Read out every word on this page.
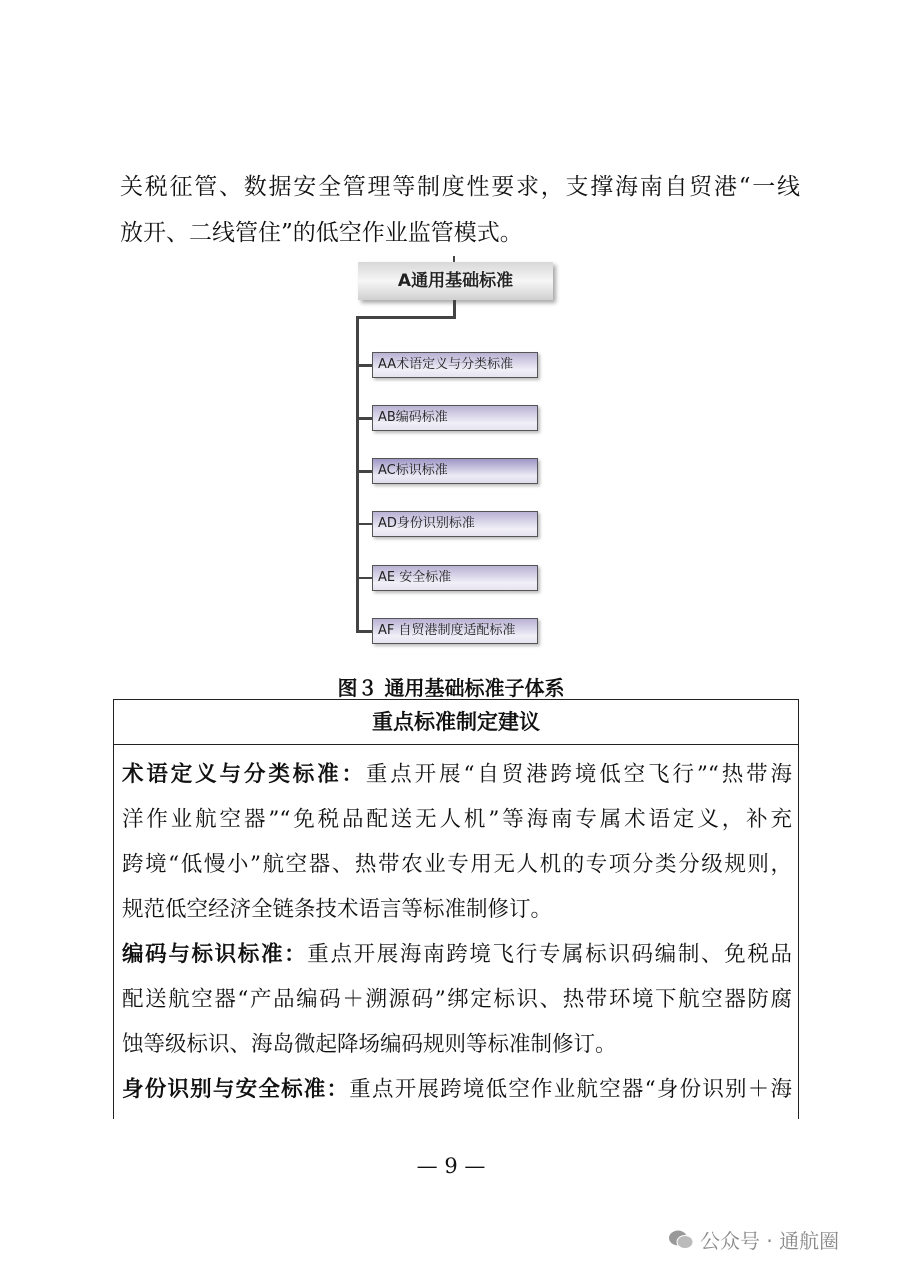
关税征管、数据安全管理等制度性要求，支撑海南自贸港“一线
放开、二线管住”的低空作业监管模式。
A通用基础标准
AA术语定义与分类标准
AB编码标准
AC标识标准
AD身份识别标准
AE 安全标准
AF 自贸港制度适配标准
图３ 通用基础标准子体系
重点标准制定建议
术语定义与分类标准：重点开展“自贸港跨境低空飞行”“热带海
洋作业航空器”“免税品配送无人机”等海南专属术语定义，补充
跨境“低慢小”航空器、热带农业专用无人机的专项分类分级规则，
规范低空经济全链条技术语言等标准制修订。
编码与标识标准：重点开展海南跨境飞行专属标识码编制、免税品
配送航空器“产品编码＋溯源码”绑定标识、热带环境下航空器防腐
蚀等级标识、海岛微起降场编码规则等标准制修订。
身份识别与安全标准：重点开展跨境低空作业航空器“身份识别＋海
— 9 —
公众号 · 通航圈
